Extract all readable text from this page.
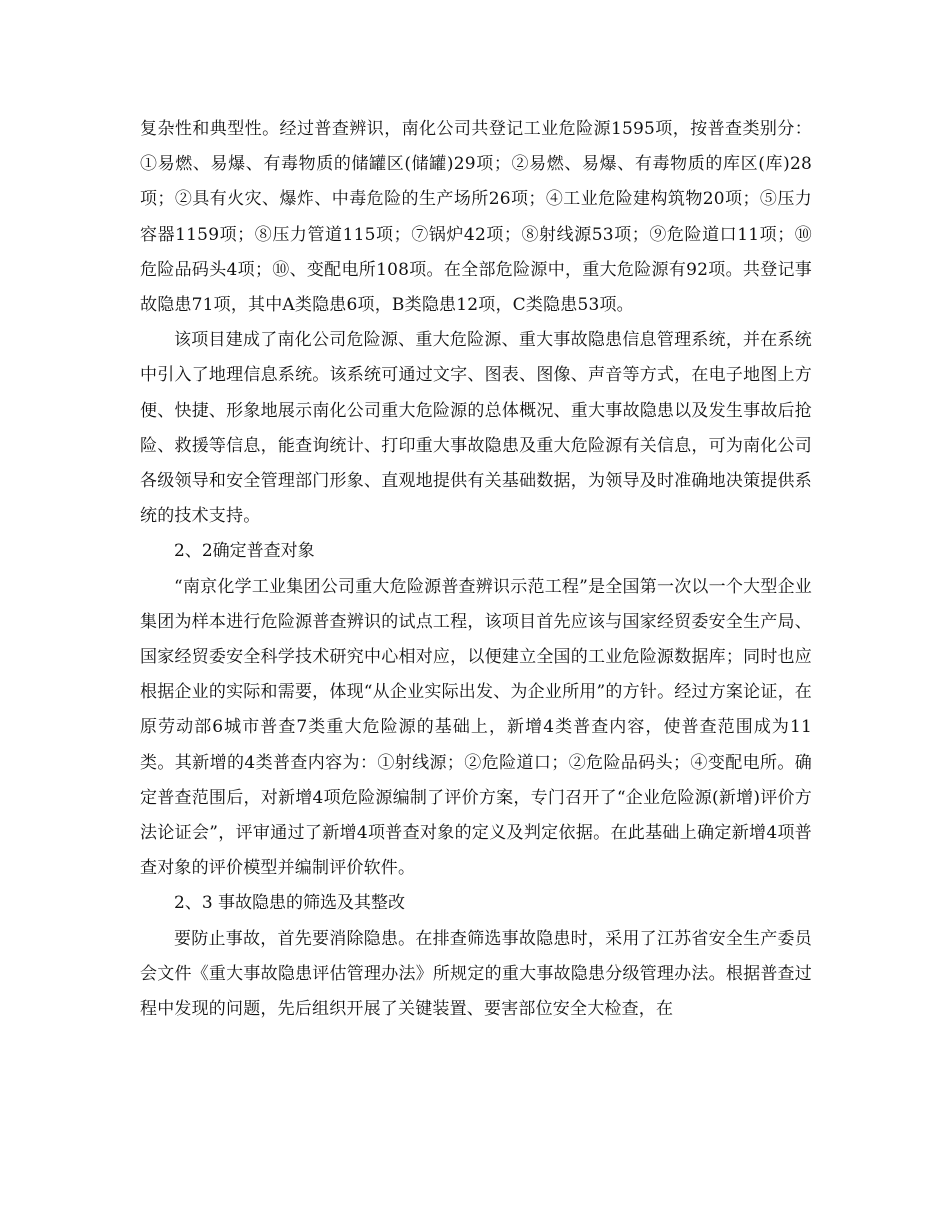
复杂性和典型性。经过普查辨识，南化公司共登记工业危险源1595项，按普查类别分：①易燃、易爆、有毒物质的储罐区(储罐)29项；②易燃、易爆、有毒物质的库区(库)28项；②具有火灾、爆炸、中毒危险的生产场所26项；④工业危险建构筑物20项；⑤压力容器1159项；⑧压力管道115项；⑦锅炉42项；⑧射线源53项；⑨危险道口11项；⑩危险品码头4项；⑩、变配电所108项。在全部危险源中，重大危险源有92项。共登记事故隐患71项，其中A类隐患6项，B类隐患12项，C类隐患53项。

该项目建成了南化公司危险源、重大危险源、重大事故隐患信息管理系统，并在系统中引入了地理信息系统。该系统可通过文字、图表、图像、声音等方式，在电子地图上方便、快捷、形象地展示南化公司重大危险源的总体概况、重大事故隐患以及发生事故后抢险、救援等信息，能查询统计、打印重大事故隐患及重大危险源有关信息，可为南化公司各级领导和安全管理部门形象、直观地提供有关基础数据，为领导及时准确地决策提供系统的技术支持。

2、2确定普查对象

“南京化学工业集团公司重大危险源普查辨识示范工程”是全国第一次以一个大型企业集团为样本进行危险源普查辨识的试点工程，该项目首先应该与国家经贸委安全生产局、国家经贸委安全科学技术研究中心相对应，以便建立全国的工业危险源数据库；同时也应根据企业的实际和需要，体现“从企业实际出发、为企业所用”的方针。经过方案论证，在原劳动部6城市普查7类重大危险源的基础上，新增4类普查内容，使普查范围成为11类。其新增的4类普查内容为：①射线源；②危险道口；②危险品码头；④变配电所。确定普查范围后，对新增4项危险源编制了评价方案，专门召开了“企业危险源(新增)评价方法论证会”，评审通过了新增4项普查对象的定义及判定依据。在此基础上确定新增4项普查对象的评价模型并编制评价软件。

2、3 事故隐患的筛选及其整改

要防止事故，首先要消除隐患。在排查筛选事故隐患时，采用了江苏省安全生产委员会文件《重大事故隐患评估管理办法》所规定的重大事故隐患分级管理办法。根据普查过程中发现的问题，先后组织开展了关键装置、要害部位安全大检查，在
